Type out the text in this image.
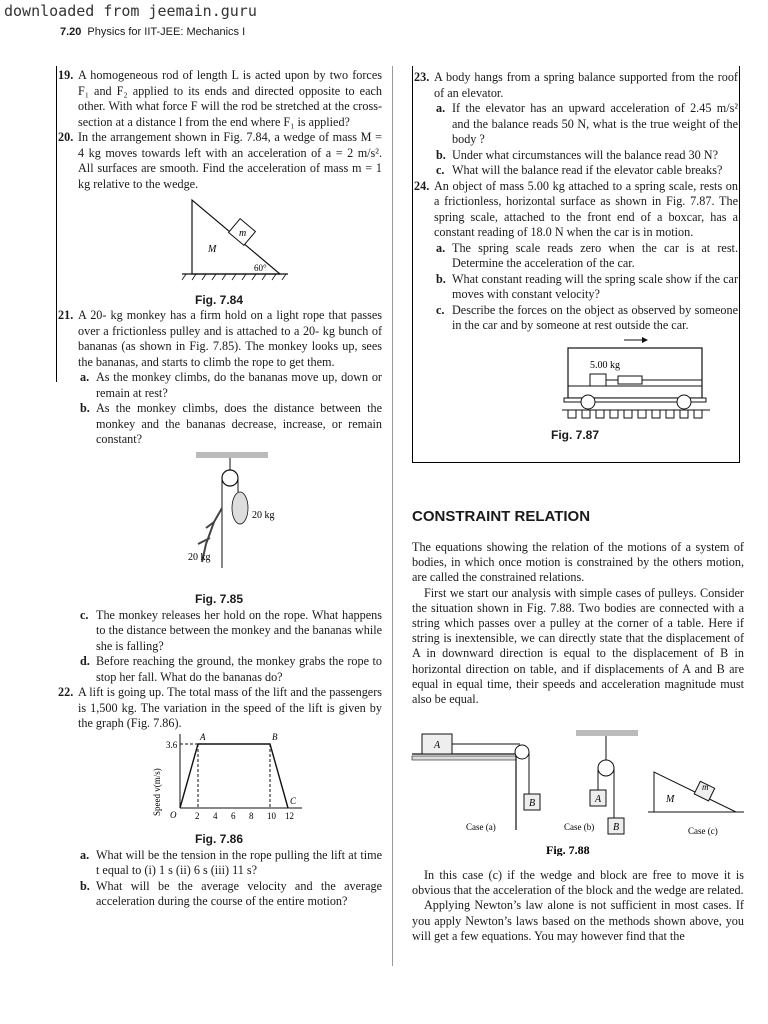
downloaded from jeemain.guru
7.20 Physics for IIT-JEE: Mechanics I
19. A homogeneous rod of length L is acted upon by two forces F₁ and F₂ applied to its ends and directed opposite to each other. With what force F will the rod be stretched at the cross-section at a distance l from the end where F₁ is applied?
20. In the arrangement shown in Fig. 7.84, a wedge of mass M = 4 kg moves towards left with an acceleration of a = 2 m/s². All surfaces are smooth. Find the acceleration of mass m = 1 kg relative to the wedge.
m
M
60°
Fig. 7.84
21. A 20- kg monkey has a firm hold on a light rope that passes over a frictionless pulley and is attached to a 20- kg bunch of bananas (as shown in Fig. 7.85). The monkey looks up, sees the bananas, and starts to climb the rope to get them.
a. As the monkey climbs, do the bananas move up, down or remain at rest?
b. As the monkey climbs, does the distance between the monkey and the bananas decrease, increase, or remain constant?
20 kg
20 kg
Fig. 7.85
c. The monkey releases her hold on the rope. What happens to the distance between the monkey and the bananas while she is falling?
d. Before reaching the ground, the monkey grabs the rope to stop her fall. What do the bananas do?
22. A lift is going up. The total mass of the lift and the passengers is 1,500 kg. The variation in the speed of the lift is given by the graph (Fig. 7.86).
3.6
O
A	B
C
2 4 6 8 10 12
Speed v(m/s)
Fig. 7.86
a. What will be the tension in the rope pulling the lift at time t equal to (i) 1 s (ii) 6 s (iii) 11 s?
b. What will be the average velocity and the average acceleration during the course of the entire motion?
23. A body hangs from a spring balance supported from the roof of an elevator.
a. If the elevator has an upward acceleration of 2.45 m/s² and the balance reads 50 N, what is the true weight of the body ?
b. Under what circumstances will the balance read 30 N?
c. What will the balance read if the elevator cable breaks?
24. An object of mass 5.00 kg attached to a spring scale, rests on a frictionless, horizontal surface as shown in Fig. 7.87. The spring scale, attached to the front end of a boxcar, has a constant reading of 18.0 N when the car is in motion.
a. The spring scale reads zero when the car is at rest. Determine the acceleration of the car.
b. What constant reading will the spring scale show if the car moves with constant velocity?
c. Describe the forces on the object as observed by someone in the car and by someone at rest outside the car.
5.00 kg
Fig. 7.87
CONSTRAINT RELATION

The equations showing the relation of the motions of a system of bodies, in which once motion is constrained by the others motion, are called the constrained relations.

First we start our analysis with simple cases of pulleys. Consider the situation shown in Fig. 7.88. Two bodies are connected with a string which passes over a pulley at the corner of a table. Here if string is inextensible, we can directly state that the displacement of A in downward direction is equal to the displacement of B in horizontal direction on table, and if displacements of A and B are equal in equal time, their speeds and acceleration magnitude must also be equal.

A
B
Case (a)
A
B
Case (b)
M
m
Case (c)
Fig. 7.88

In this case (c) if the wedge and block are free to move it is obvious that the acceleration of the block and the wedge are related.

Applying Newton’s law alone is not sufficient in most cases. If you apply Newton’s laws based on the methods shown above, you will get a few equations. You may however find that the
